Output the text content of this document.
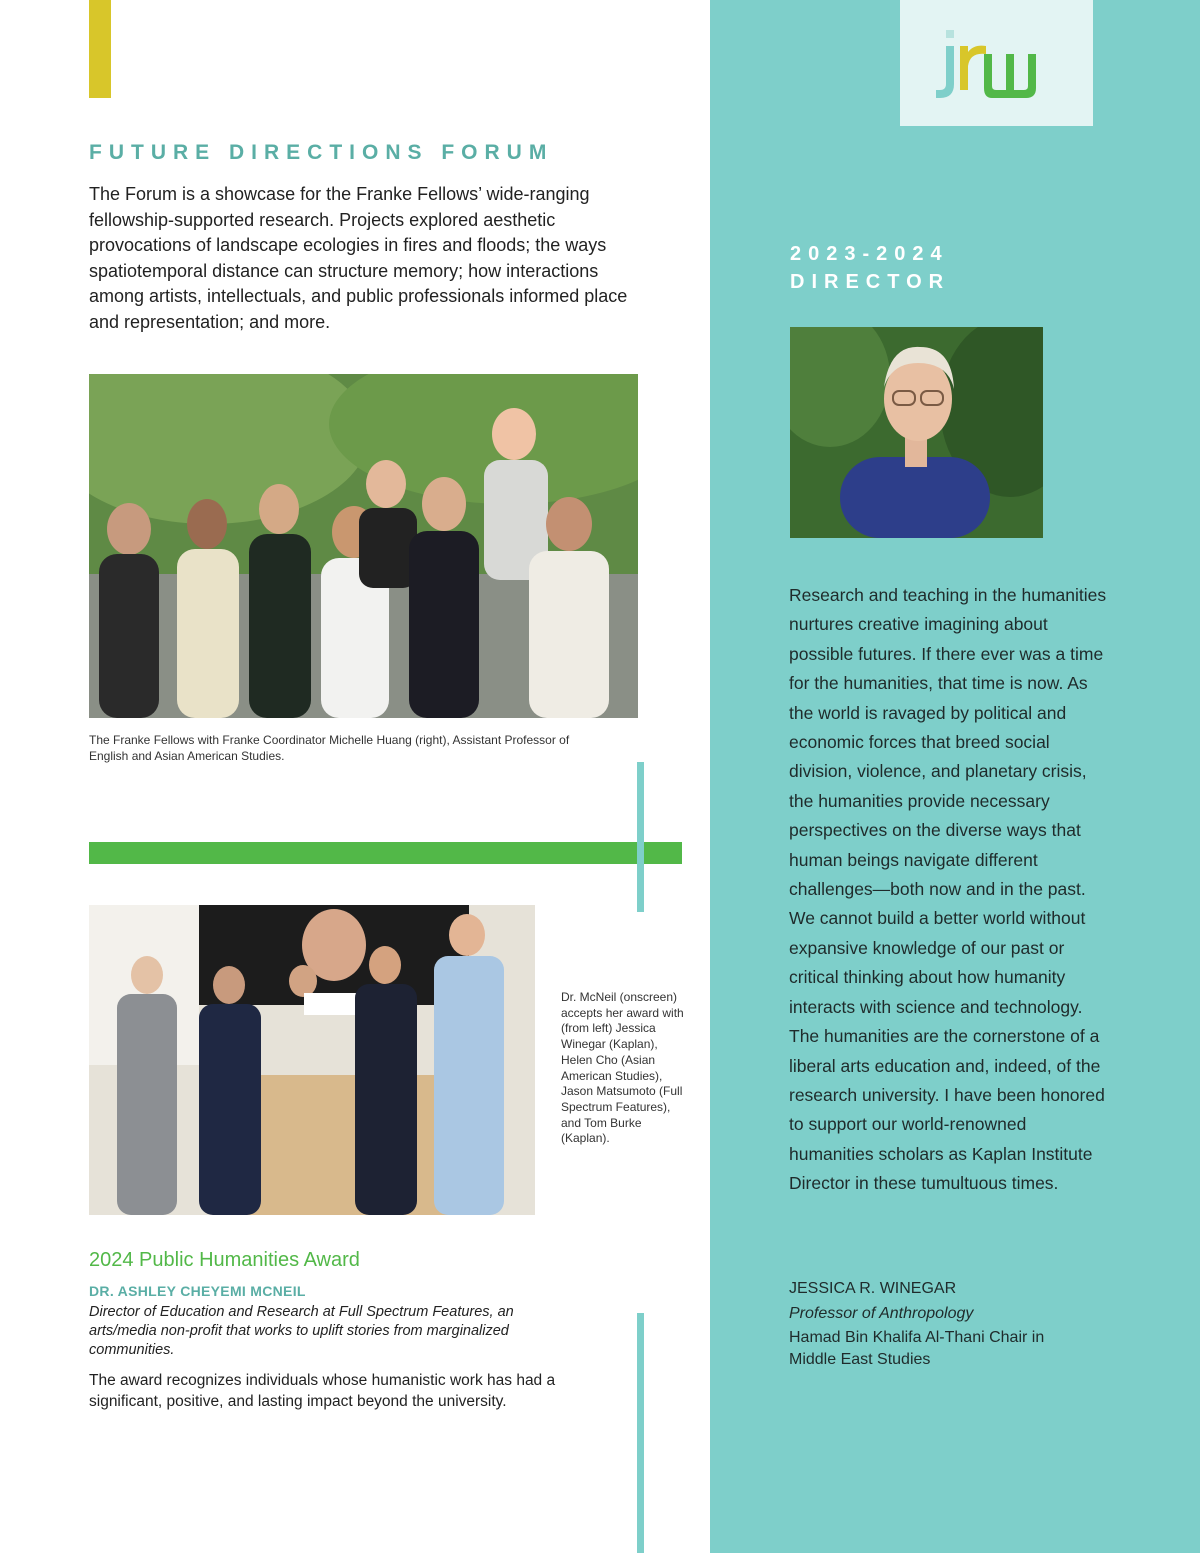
FUTURE DIRECTIONS FORUM
The Forum is a showcase for the Franke Fellows’ wide-ranging fellowship-supported research. Projects explored aesthetic provocations of landscape ecologies in fires and floods; the ways spatiotemporal distance can structure memory; how interactions among artists, intellectuals, and public professionals informed place and representation; and more.
The Franke Fellows with Franke Coordinator Michelle Huang (right), Assistant Professor of English and Asian American Studies.
Dr. McNeil (onscreen) accepts her award with (from left) Jessica Winegar (Kaplan), Helen Cho (Asian American Studies), Jason Matsumoto (Full Spectrum Features), and Tom Burke (Kaplan).
2024 Public Humanities Award
DR. ASHLEY CHEYEMI MCNEIL
Director of Education and Research at Full Spectrum Features, an arts/media non-profit that works to uplift stories from marginalized communities.
The award recognizes individuals whose humanistic work has had a significant, positive, and lasting impact beyond the university.
2023-2024
DIRECTOR
Research and teaching in the humanities nurtures creative imagining about possible futures. If there ever was a time for the humanities, that time is now. As the world is ravaged by political and economic forces that breed social division, violence, and planetary crisis, the humanities provide necessary perspectives on the diverse ways that human beings navigate different challenges—both now and in the past. We cannot build a better world without expansive knowledge of our past or critical thinking about how humanity interacts with science and technology. The humanities are the cornerstone of a liberal arts education and, indeed, of the research university. I have been honored to support our world-renowned humanities scholars as Kaplan Institute Director in these tumultuous times.
JESSICA R. WINEGAR
Professor of Anthropology
Hamad Bin Khalifa Al-Thani Chair in Middle East Studies
